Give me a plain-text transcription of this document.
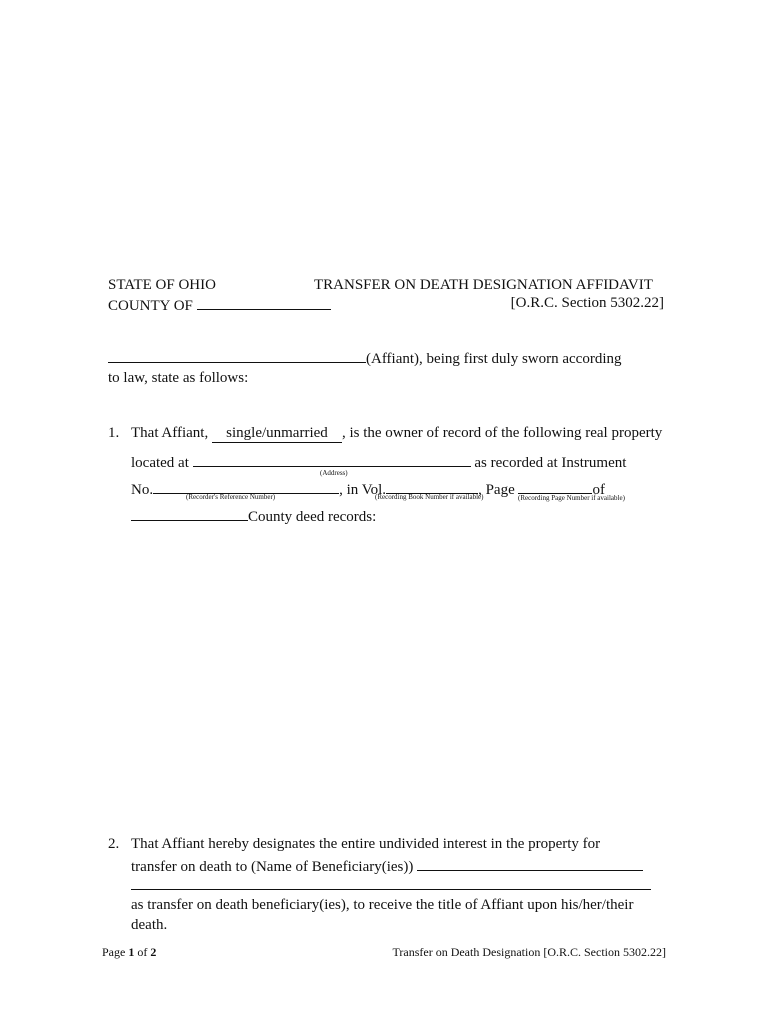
STATE OF OHIO
COUNTY OF
TRANSFER ON DEATH DESIGNATION AFFIDAVIT
[O.R.C. Section 5302.22]
(Affiant), being first duly sworn according
to law, state as follows:
1. That Affiant, single/unmarried , is the owner of record of the following real property
located at	as recorded at Instrument
(Address)
No.	, in Vol.	, Page	of
(Recorder's Reference Number)	(Recording Book Number if available)	(Recording Page Number if available)
County deed records:
2. That Affiant hereby designates the entire undivided interest in the property for
transfer on death to (Name of Beneficiary(ies))
as transfer on death beneficiary(ies), to receive the title of Affiant upon his/her/their
death.
Page 1 of 2	Transfer on Death Designation [O.R.C. Section 5302.22]
